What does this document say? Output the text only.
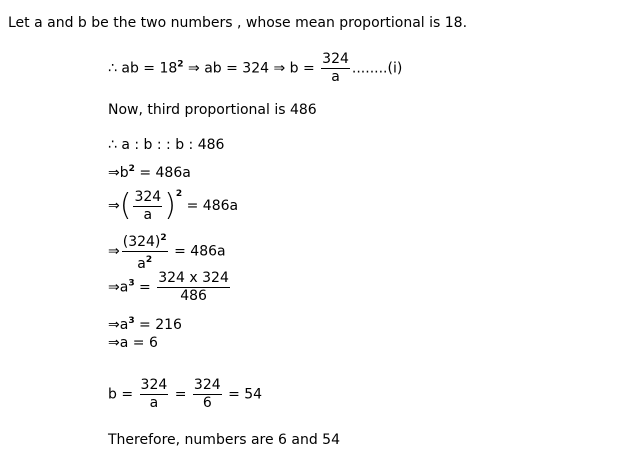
Let a and b be the two numbers , whose mean proportional is 18.
∴ ab = $18^2$ ⇒ ab = 324 ⇒ $b = \frac{324}{a} ........(i)$
Now, third proportional is 486
∴ a : b : : b : 486
$\Rightarrow b^2 = 486a$
⇒( $\frac{324}{a} )^2 = 486a$
⇒ $\frac{(324)^2}{a^2} = 486a$
$\Rightarrow a^3 = \frac{324 x 324}{486}$
$\Rightarrow a^3 = 216$
⇒a = 6
$b = \frac{324}{a} = \frac{324}{6} = 54$
Therefore, numbers are 6 and 54
